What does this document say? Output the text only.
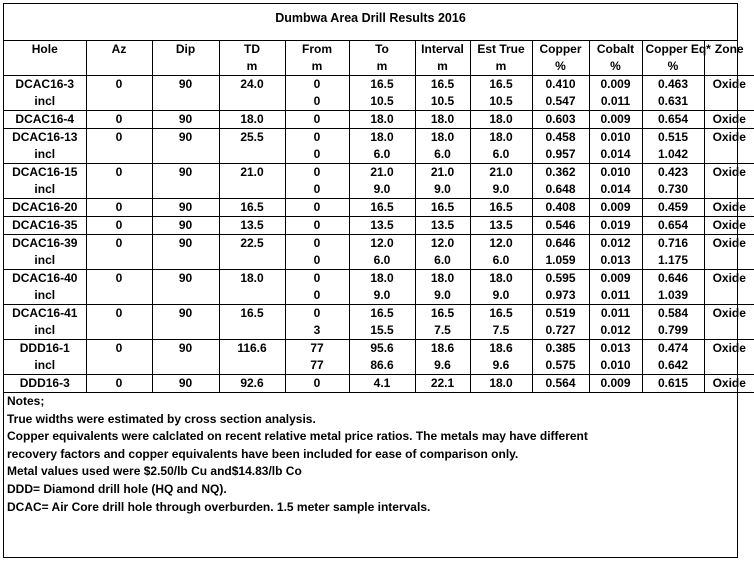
Dumbwa Area Drill Results 2016
Hole	Az	Dip	TD	From	To	Interval	Est True	Copper	Cobalt	Copper Eq*	Zone
			m	m	m	m	m	%	%	%	
DCAC16-3	0	90	24.0	0	16.5	16.5	16.5	0.410	0.009	0.463	Oxide
incl				0	10.5	10.5	10.5	0.547	0.011	0.631	
DCAC16-4	0	90	18.0	0	18.0	18.0	18.0	0.603	0.009	0.654	Oxide
DCAC16-13	0	90	25.5	0	18.0	18.0	18.0	0.458	0.010	0.515	Oxide
incl				0	6.0	6.0	6.0	0.957	0.014	1.042	
DCAC16-15	0	90	21.0	0	21.0	21.0	21.0	0.362	0.010	0.423	Oxide
incl				0	9.0	9.0	9.0	0.648	0.014	0.730	
DCAC16-20	0	90	16.5	0	16.5	16.5	16.5	0.408	0.009	0.459	Oxide
DCAC16-35	0	90	13.5	0	13.5	13.5	13.5	0.546	0.019	0.654	Oxide
DCAC16-39	0	90	22.5	0	12.0	12.0	12.0	0.646	0.012	0.716	Oxide
incl				0	6.0	6.0	6.0	1.059	0.013	1.175	
DCAC16-40	0	90	18.0	0	18.0	18.0	18.0	0.595	0.009	0.646	Oxide
incl				0	9.0	9.0	9.0	0.973	0.011	1.039	
DCAC16-41	0	90	16.5	0	16.5	16.5	16.5	0.519	0.011	0.584	Oxide
incl				3	15.5	7.5	7.5	0.727	0.012	0.799	
DDD16-1	0	90	116.6	77	95.6	18.6	18.6	0.385	0.013	0.474	Oxide
incl				77	86.6	9.6	9.6	0.575	0.010	0.642	
DDD16-3	0	90	92.6	0	4.1	22.1	18.0	0.564	0.009	0.615	Oxide
Notes;
True widths were estimated by cross section analysis.
Copper equivalents were calclated on recent relative metal price ratios. The metals may have different
recovery factors and copper equivalents have been included for ease of comparison only.
Metal values used were $2.50/lb Cu and$14.83/lb Co
DDD= Diamond drill hole (HQ and NQ).
DCAC= Air Core drill hole through overburden. 1.5 meter sample intervals.
